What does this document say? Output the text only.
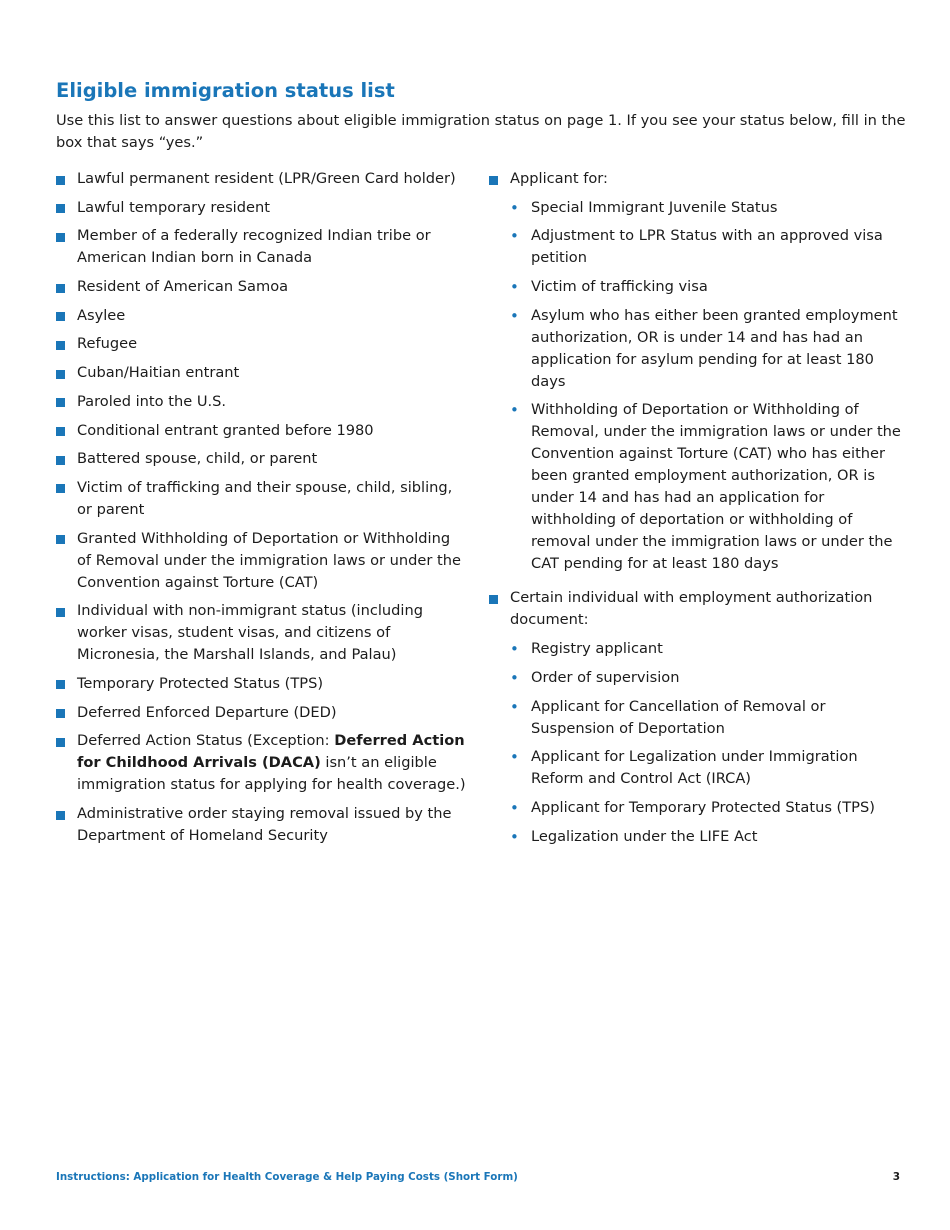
Eligible immigration status list

Use this list to answer questions about eligible immigration status on page 1. If you see your status below, fill in the box that says “yes.”

Lawful permanent resident (LPR/Green Card holder)
Lawful temporary resident
Member of a federally recognized Indian tribe or American Indian born in Canada
Resident of American Samoa
Asylee
Refugee
Cuban/Haitian entrant
Paroled into the U.S.
Conditional entrant granted before 1980
Battered spouse, child, or parent
Victim of trafficking and their spouse, child, sibling, or parent
Granted Withholding of Deportation or Withholding of Removal under the immigration laws or under the Convention against Torture (CAT)
Individual with non-immigrant status (including worker visas, student visas, and citizens of Micronesia, the Marshall Islands, and Palau)
Temporary Protected Status (TPS)
Deferred Enforced Departure (DED)
Deferred Action Status (Exception: Deferred Action for Childhood Arrivals (DACA) isn’t an eligible immigration status for applying for health coverage.)
Administrative order staying removal issued by the Department of Homeland Security
Applicant for:
• Special Immigrant Juvenile Status
• Adjustment to LPR Status with an approved visa petition
• Victim of trafficking visa
• Asylum who has either been granted employment authorization, OR is under 14 and has had an application for asylum pending for at least 180 days
• Withholding of Deportation or Withholding of Removal, under the immigration laws or under the Convention against Torture (CAT) who has either been granted employment authorization, OR is under 14 and has had an application for withholding of deportation or withholding of removal under the immigration laws or under the CAT pending for at least 180 days
Certain individual with employment authorization document:
• Registry applicant
• Order of supervision
• Applicant for Cancellation of Removal or Suspension of Deportation
• Applicant for Legalization under Immigration Reform and Control Act (IRCA)
• Applicant for Temporary Protected Status (TPS)
• Legalization under the LIFE Act
Instructions: Application for Health Coverage & Help Paying Costs (Short Form)	3
